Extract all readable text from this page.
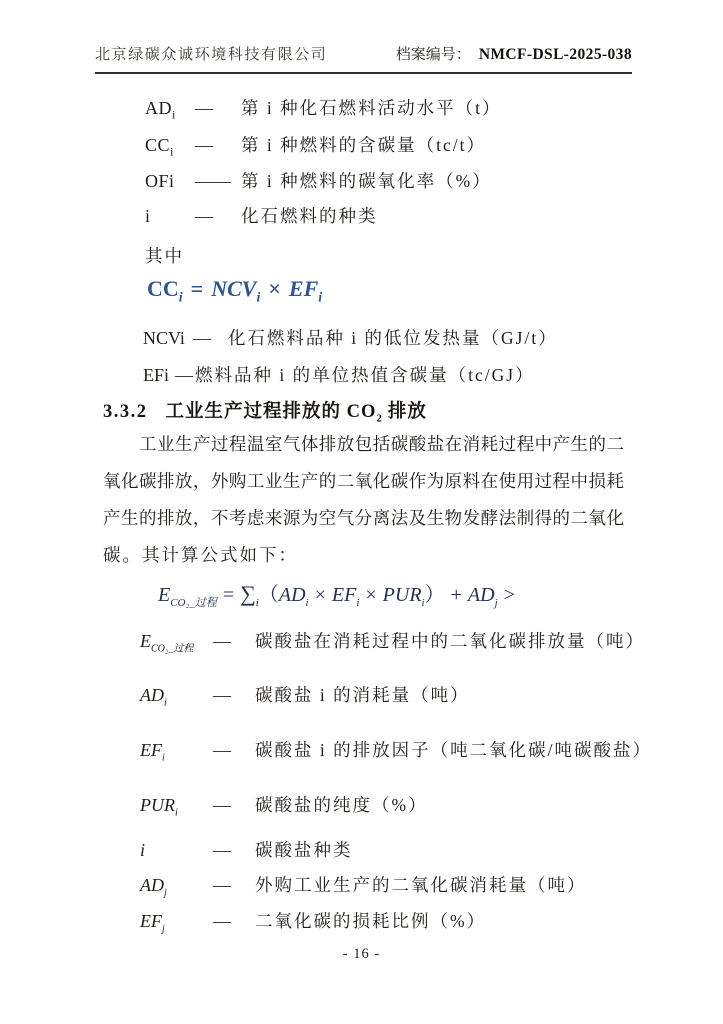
北京绿碳众诚环境科技有限公司	档案编号： NMCF-DSL-2025-038
$AD_i$	—	第 i 种化石燃料活动水平（t）
$CC_i$	—	第 i 种燃料的含碳量（tc/t）
OFi	—— 第 i 种燃料的碳氧化率（%）
i	—	化石燃料的种类
其中
$CC_i = NCV_i \times EF_i$
NCVi — 化石燃料品种 i 的低位发热量（GJ/t）
EFi — 燃料品种 i 的单位热值含碳量（tc/GJ）
3.3.2 工业生产过程排放的 $CO_2$ 排放
工业生产过程温室气体排放包括碳酸盐在消耗过程中产生的二
氧化碳排放，外购工业生产的二氧化碳作为原料在使用过程中损耗
产生的排放，不考虑来源为空气分离法及生物发酵法制得的二氧化
碳。其计算公式如下：
$E_{CO_2\_过程} = \sum_i(AD_i \times EF_i \times PUR_i) + AD_j$ >
$E_{CO_2\_过程}$	—	碳酸盐在消耗过程中的二氧化碳排放量（吨）
$AD_i$	—	碳酸盐 i 的消耗量（吨）
$EF_i$	—	碳酸盐 i 的排放因子（吨二氧化碳/吨碳酸盐）
$PUR_i$	—	碳酸盐的纯度（%）
i	—	碳酸盐种类
$AD_j$	—	外购工业生产的二氧化碳消耗量（吨）
$EF_j$	—	二氧化碳的损耗比例（%）
- 16 -
